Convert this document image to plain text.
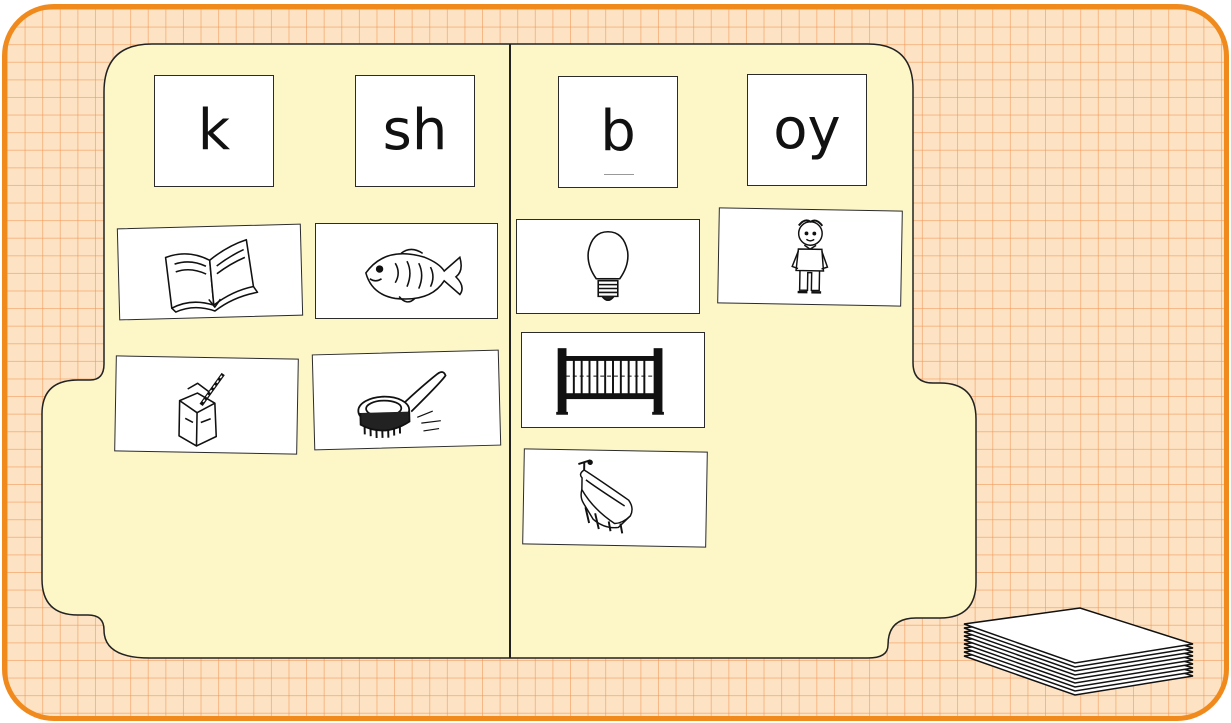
k	sh	b oy
